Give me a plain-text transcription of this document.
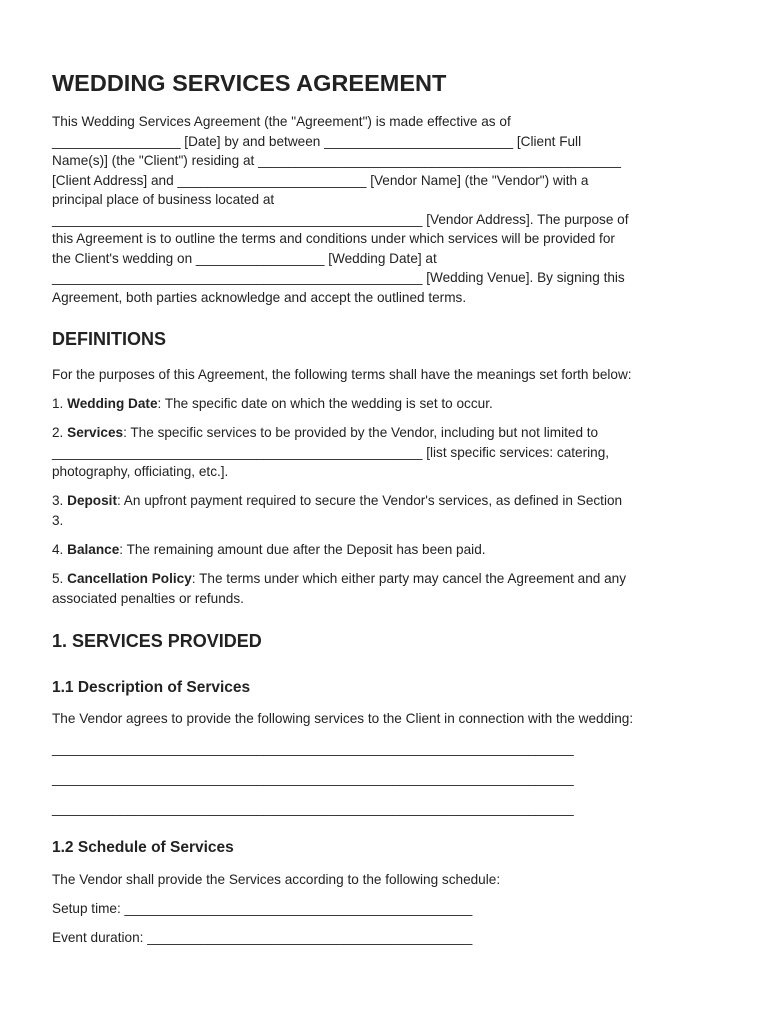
WEDDING SERVICES AGREEMENT
This Wedding Services Agreement (the "Agreement") is made effective as of
_________________ [Date] by and between _________________________ [Client Full
Name(s)] (the "Client") residing at ________________________________________________
[Client Address] and _________________________ [Vendor Name] (the "Vendor") with a
principal place of business located at
_________________________________________________ [Vendor Address]. The purpose of
this Agreement is to outline the terms and conditions under which services will be provided for
the Client's wedding on _________________ [Wedding Date] at
_________________________________________________ [Wedding Venue]. By signing this
Agreement, both parties acknowledge and accept the outlined terms.
DEFINITIONS
For the purposes of this Agreement, the following terms shall have the meanings set forth below:
1. Wedding Date: The specific date on which the wedding is set to occur.
2. Services: The specific services to be provided by the Vendor, including but not limited to
_________________________________________________ [list specific services: catering,
photography, officiating, etc.].
3. Deposit: An upfront payment required to secure the Vendor's services, as defined in Section
3.
4. Balance: The remaining amount due after the Deposit has been paid.
5. Cancellation Policy: The terms under which either party may cancel the Agreement and any
associated penalties or refunds.
1. SERVICES PROVIDED
1.1 Description of Services
The Vendor agrees to provide the following services to the Client in connection with the wedding:
_____________________________________________________________________
_____________________________________________________________________
_____________________________________________________________________
1.2 Schedule of Services
The Vendor shall provide the Services according to the following schedule:
Setup time: ______________________________________________
Event duration: ___________________________________________
